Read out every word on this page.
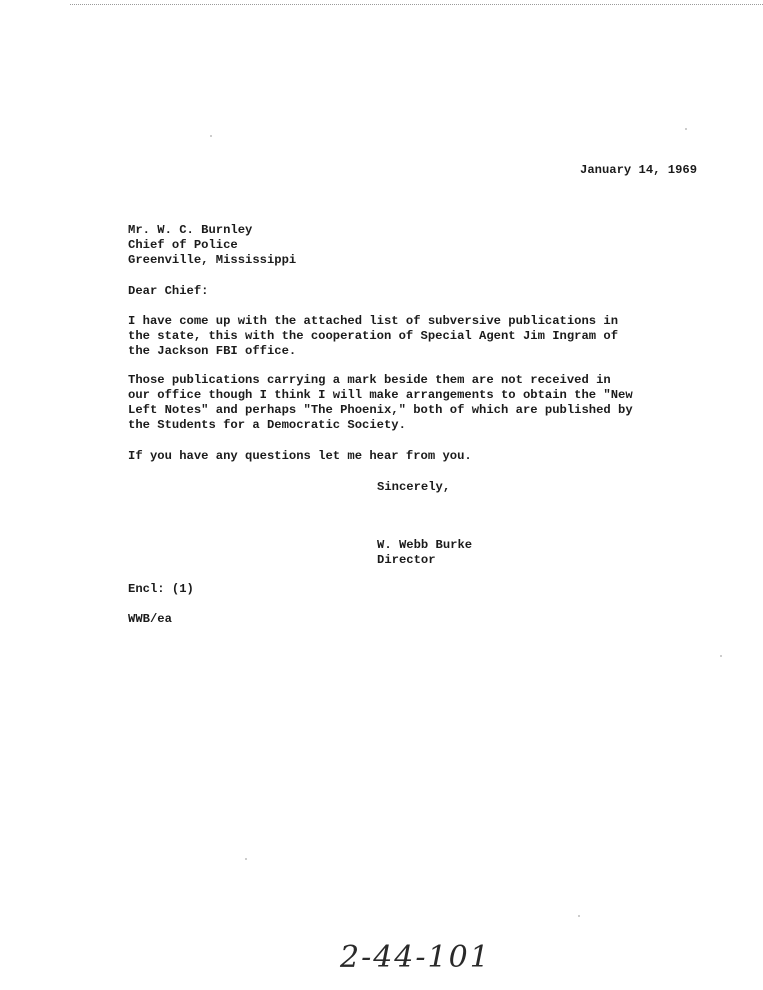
January 14, 1969
Mr. W. C. Burnley
Chief of Police
Greenville, Mississippi
Dear Chief:
I have come up with the attached list of subversive publications in
the state, this with the cooperation of Special Agent Jim Ingram of
the Jackson FBI office.
Those publications carrying a mark beside them are not received in
our office though I think I will make arrangements to obtain the "New
Left Notes" and perhaps "The Phoenix," both of which are published by
the Students for a Democratic Society.
If you have any questions let me hear from you.
Sincerely,
W. Webb Burke
Director
Encl: (1)
WWB/ea
2-44-101
